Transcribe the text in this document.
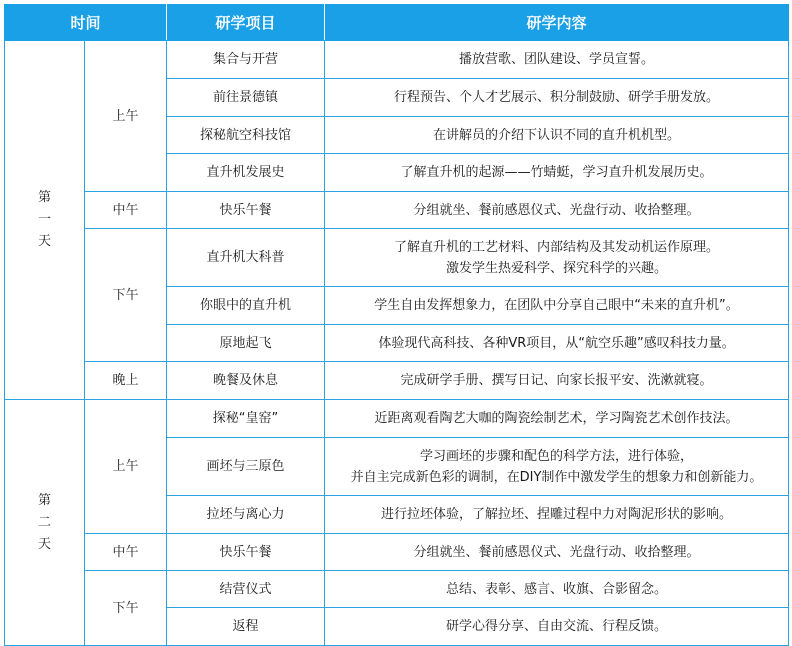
时间		研学项目	研学内容

第
一
天	上午	集合与开营	播放营歌、团队建设、学员宣誓。

		前往景德镇	行程预告、个人才艺展示、积分制鼓励、研学手册发放。

		探秘航空科技馆	在讲解员的介绍下认识不同的直升机机型。

		直升机发展史	了解直升机的起源——竹蜻蜓，学习直升机发展历史。

	中午	快乐午餐	分组就坐、餐前感恩仪式、光盘行动、收拾整理。

	下午	直升机大科普	了解直升机的工艺材料、内部结构及其发动机运作原理。
激发学生热爱科学、探究科学的兴趣。

		你眼中的直升机	学生自由发挥想象力，在团队中分享自己眼中“未来的直升机”。

		原地起飞	体验现代高科技、各种VR项目，从“航空乐趣”感叹科技力量。

	晚上	晚餐及休息	完成研学手册、撰写日记、向家长报平安、洗漱就寝。

第
二
天	上午	探秘“皇窑”	近距离观看陶艺大咖的陶瓷绘制艺术，学习陶瓷艺术创作技法。

		画坯与三原色	学习画坯的步骤和配色的科学方法，进行体验，
并自主完成新色彩的调制，在DIY制作中激发学生的想象力和创新能力。

		拉坯与离心力	进行拉坯体验，了解拉坯、捏雕过程中力对陶泥形状的影响。

	中午	快乐午餐	分组就坐、餐前感恩仪式、光盘行动、收拾整理。

	下午	结营仪式	总结、表彰、感言、收旗、合影留念。

		返程	研学心得分享、自由交流、行程反馈。
